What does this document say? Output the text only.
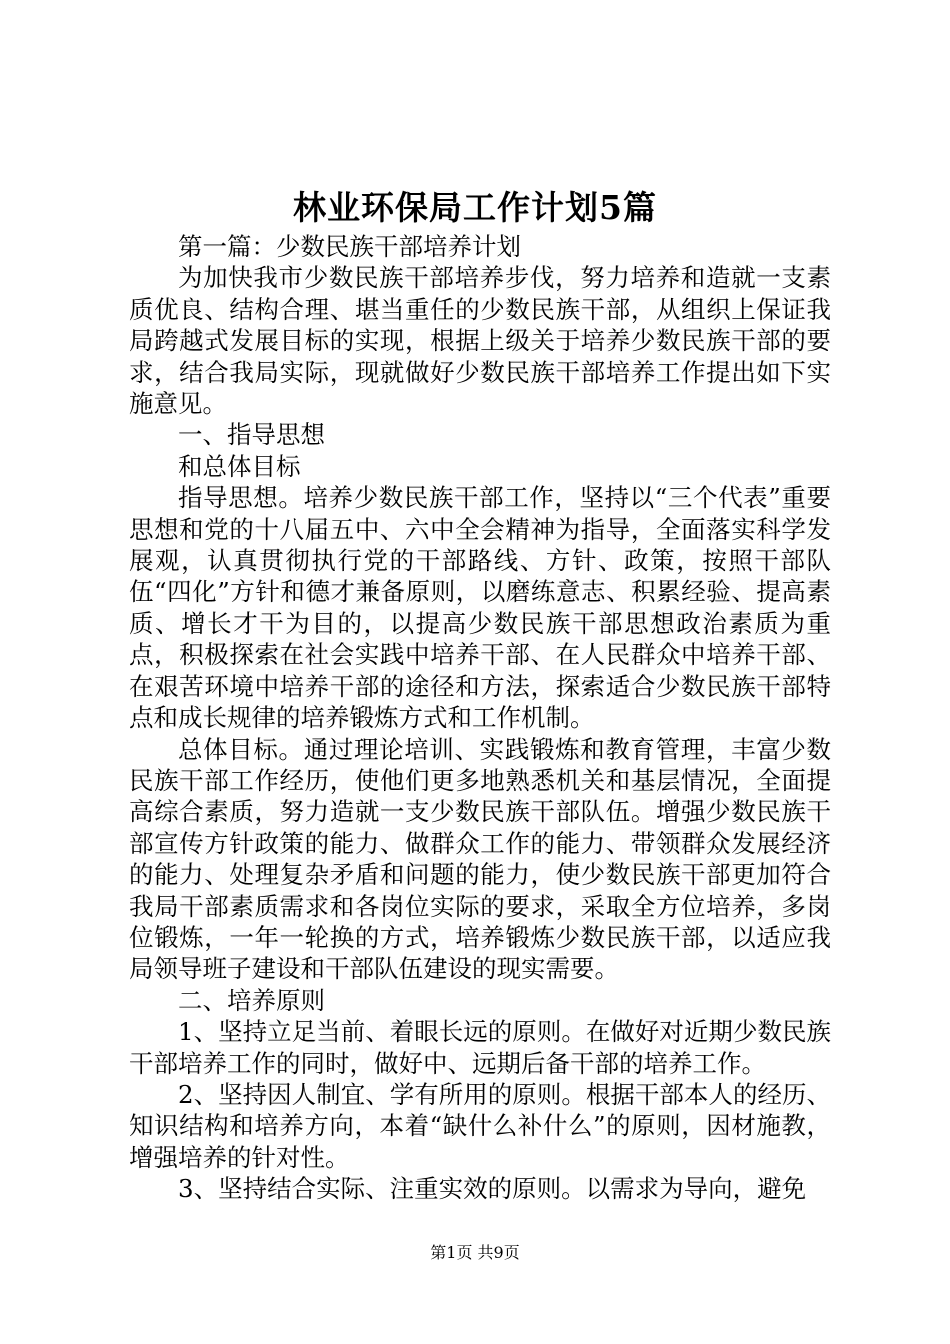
林业环保局工作计划5篇

第一篇：少数民族干部培养计划

为加快我市少数民族干部培养步伐，努力培养和造就一支素质优良、结构合理、堪当重任的少数民族干部，从组织上保证我局跨越式发展目标的实现，根据上级关于培养少数民族干部的要求，结合我局实际，现就做好少数民族干部培养工作提出如下实施意见。

一、指导思想

和总体目标

指导思想。培养少数民族干部工作，坚持以“三个代表”重要思想和党的十八届五中、六中全会精神为指导，全面落实科学发展观，认真贯彻执行党的干部路线、方针、政策，按照干部队伍“四化”方针和德才兼备原则，以磨练意志、积累经验、提高素质、增长才干为目的，以提高少数民族干部思想政治素质为重点，积极探索在社会实践中培养干部、在人民群众中培养干部、在艰苦环境中培养干部的途径和方法，探索适合少数民族干部特点和成长规律的培养锻炼方式和工作机制。

总体目标。通过理论培训、实践锻炼和教育管理，丰富少数民族干部工作经历，使他们更多地熟悉机关和基层情况，全面提高综合素质，努力造就一支少数民族干部队伍。增强少数民族干部宣传方针政策的能力、做群众工作的能力、带领群众发展经济的能力、处理复杂矛盾和问题的能力，使少数民族干部更加符合我局干部素质需求和各岗位实际的要求，采取全方位培养，多岗位锻炼，一年一轮换的方式，培养锻炼少数民族干部，以适应我局领导班子建设和干部队伍建设的现实需要。

二、培养原则

1、坚持立足当前、着眼长远的原则。在做好对近期少数民族干部培养工作的同时，做好中、远期后备干部的培养工作。

2、坚持因人制宜、学有所用的原则。根据干部本人的经历、知识结构和培养方向，本着“缺什么补什么”的原则，因材施教，增强培养的针对性。

3、坚持结合实际、注重实效的原则。以需求为导向，避免

第1页 共9页
